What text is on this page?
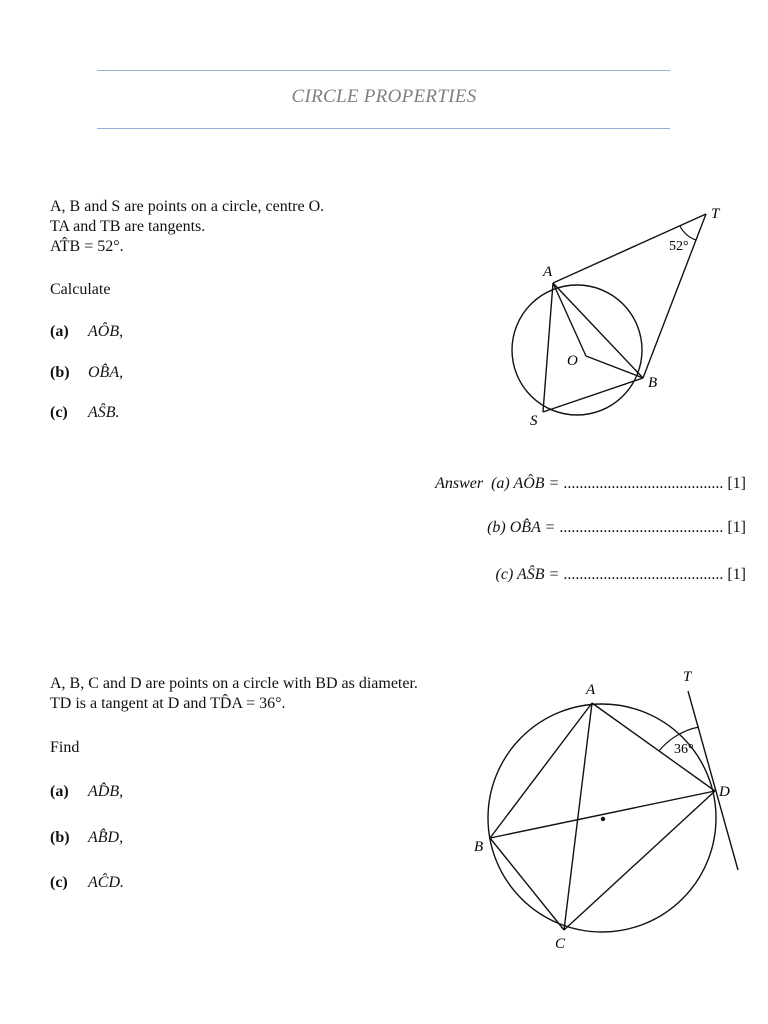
CIRCLE PROPERTIES
A, B and S are points on a circle, centre O.
TA and TB are tangents.
AT̂B = 52°.
Calculate
(a) AÔB,
(b) OB̂A,
(c) AŜB.
T
A
O
B
S
52°
Answer (a) AÔB = ........................................ [1]
(b) OB̂A = ......................................... [1]
(c) AŜB = ........................................ [1]
A, B, C and D are points on a circle with BD as diameter.
TD is a tangent at D and TD̂A = 36°.
Find
(a) AD̂B,
(b) AB̂D,
(c) AĈD.
T
A
B
C
D
36°
